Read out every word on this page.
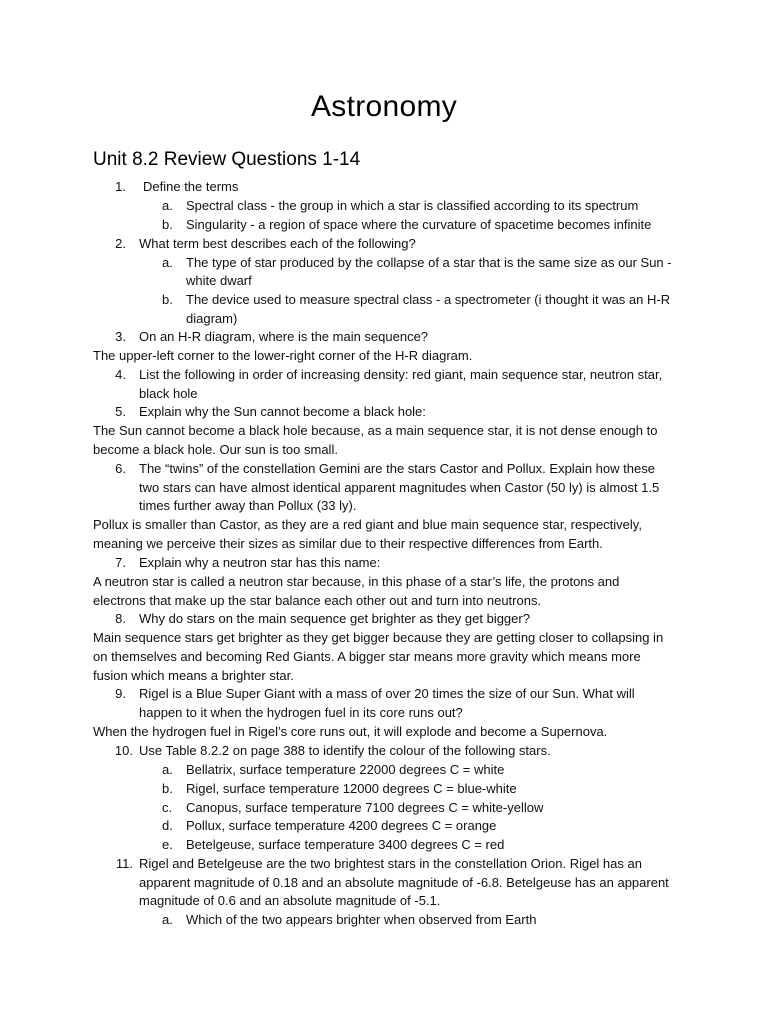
Astronomy
Unit 8.2 Review Questions 1-14
1. Define the terms
a. Spectral class - the group in which a star is classified according to its spectrum
b. Singularity - a region of space where the curvature of spacetime becomes infinite
2. What term best describes each of the following?
a. The type of star produced by the collapse of a star that is the same size as our Sun -
white dwarf
b. The device used to measure spectral class - a spectrometer (i thought it was an H-R
diagram)
3. On an H-R diagram, where is the main sequence?
The upper-left corner to the lower-right corner of the H-R diagram.
4. List the following in order of increasing density: red giant, main sequence star, neutron star,
black hole
5. Explain why the Sun cannot become a black hole:
The Sun cannot become a black hole because, as a main sequence star, it is not dense enough to
become a black hole. Our sun is too small.
6. The “twins” of the constellation Gemini are the stars Castor and Pollux. Explain how these
two stars can have almost identical apparent magnitudes when Castor (50 ly) is almost 1.5
times further away than Pollux (33 ly).
Pollux is smaller than Castor, as they are a red giant and blue main sequence star, respectively,
meaning we perceive their sizes as similar due to their respective differences from Earth.
7. Explain why a neutron star has this name:
A neutron star is called a neutron star because, in this phase of a star’s life, the protons and
electrons that make up the star balance each other out and turn into neutrons.
8. Why do stars on the main sequence get brighter as they get bigger?
Main sequence stars get brighter as they get bigger because they are getting closer to collapsing in
on themselves and becoming Red Giants. A bigger star means more gravity which means more
fusion which means a brighter star.
9. Rigel is a Blue Super Giant with a mass of over 20 times the size of our Sun. What will
happen to it when the hydrogen fuel in its core runs out?
When the hydrogen fuel in Rigel’s core runs out, it will explode and become a Supernova.
10. Use Table 8.2.2 on page 388 to identify the colour of the following stars.
a. Bellatrix, surface temperature 22000 degrees C = white
b. Rigel, surface temperature 12000 degrees C = blue-white
c. Canopus, surface temperature 7100 degrees C = white-yellow
d. Pollux, surface temperature 4200 degrees C = orange
e. Betelgeuse, surface temperature 3400 degrees C = red
11. Rigel and Betelgeuse are the two brightest stars in the constellation Orion. Rigel has an
apparent magnitude of 0.18 and an absolute magnitude of -6.8. Betelgeuse has an apparent
magnitude of 0.6 and an absolute magnitude of -5.1.
a. Which of the two appears brighter when observed from Earth
